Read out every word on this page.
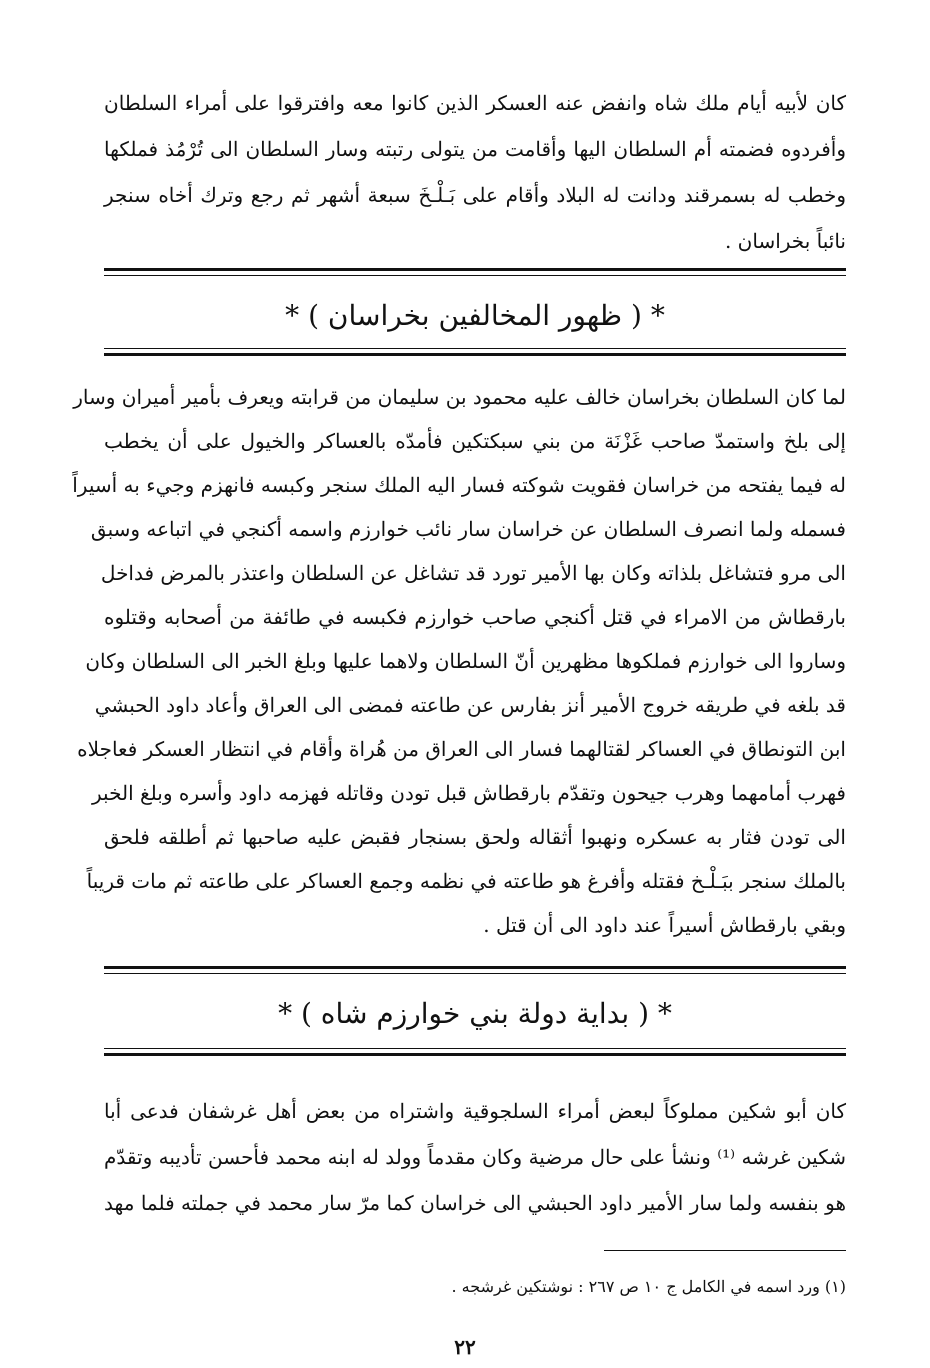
كان لأبيه أيام ملك شاه وانفض عنه العسكر الذين كانوا معه وافترقوا على أمراء السلطان
وأفردوه فضمته أم السلطان اليها وأقامت من يتولى رتبته وسار السلطان الى تُرْمُذ فملكها
وخطب له بسمرقند ودانت له البلاد وأقام على بَـلْـخَ سبعة أشهر ثم رجع وترك أخاه سنجر
نائباً بخراسان .
* ( ظهور المخالفين بخراسان ) *
لما كان السلطان بخراسان خالف عليه محمود بن سليمان من قرابته ويعرف بأمير أميران وسار
إلى بلخ واستمدّ صاحب غَزْنَة من بني سبكتكين فأمدّه بالعساكر والخيول على أن يخطب
له فيما يفتحه من خراسان فقويت شوكته فسار اليه الملك سنجر وكبسه فانهزم وجيء به أسيراً
فسمله ولما انصرف السلطان عن خراسان سار نائب خوارزم واسمه أكنجي في اتباعه وسبق
الى مرو فتشاغل بلذاته وكان بها الأمير تورد قد تشاغل عن السلطان واعتذر بالمرض فداخل
بارقطاش من الامراء في قتل أكنجي صاحب خوارزم فكبسه في طائفة من أصحابه وقتلوه
وساروا الى خوارزم فملكوها مظهرين أنّ السلطان ولاهما عليها وبلغ الخبر الى السلطان وكان
قد بلغه في طريقه خروج الأمير أنز بفارس عن طاعته فمضى الى العراق وأعاد داود الحبشي
ابن التونطاق في العساكر لقتالهما فسار الى العراق من هُراة وأقام في انتظار العسكر فعاجلاه
فهرب أمامهما وهرب جيحون وتقدّم بارقطاش قبل تودن وقاتله فهزمه داود وأسره وبلغ الخبر
الى تودن فثار به عسكره ونهبوا أثقاله ولحق بسنجار فقبض عليه صاحبها ثم أطلقه فلحق
بالملك سنجر ببَـلْـخ فقتله وأفرغ هو طاعته في نظمه وجمع العساكر على طاعته ثم مات قريباً
وبقي بارقطاش أسيراً عند داود الى أن قتل .
* ( بداية دولة بني خوارزم شاه ) *
كان أبو شكين مملوكاً لبعض أمراء السلجوقية واشتراه من بعض أهل غرشفان فدعى أبا
شكين غرشه ⁽¹⁾ ونشأ على حال مرضية وكان مقدماً وولد له ابنه محمد فأحسن تأديبه وتقدّم
هو بنفسه ولما سار الأمير داود الحبشي الى خراسان كما مرّ سار محمد في جملته فلما مهد
(١) ورد اسمه في الكامل ج ١٠ ص ٢٦٧ : نوشتكين غرشجه .
٢٢
